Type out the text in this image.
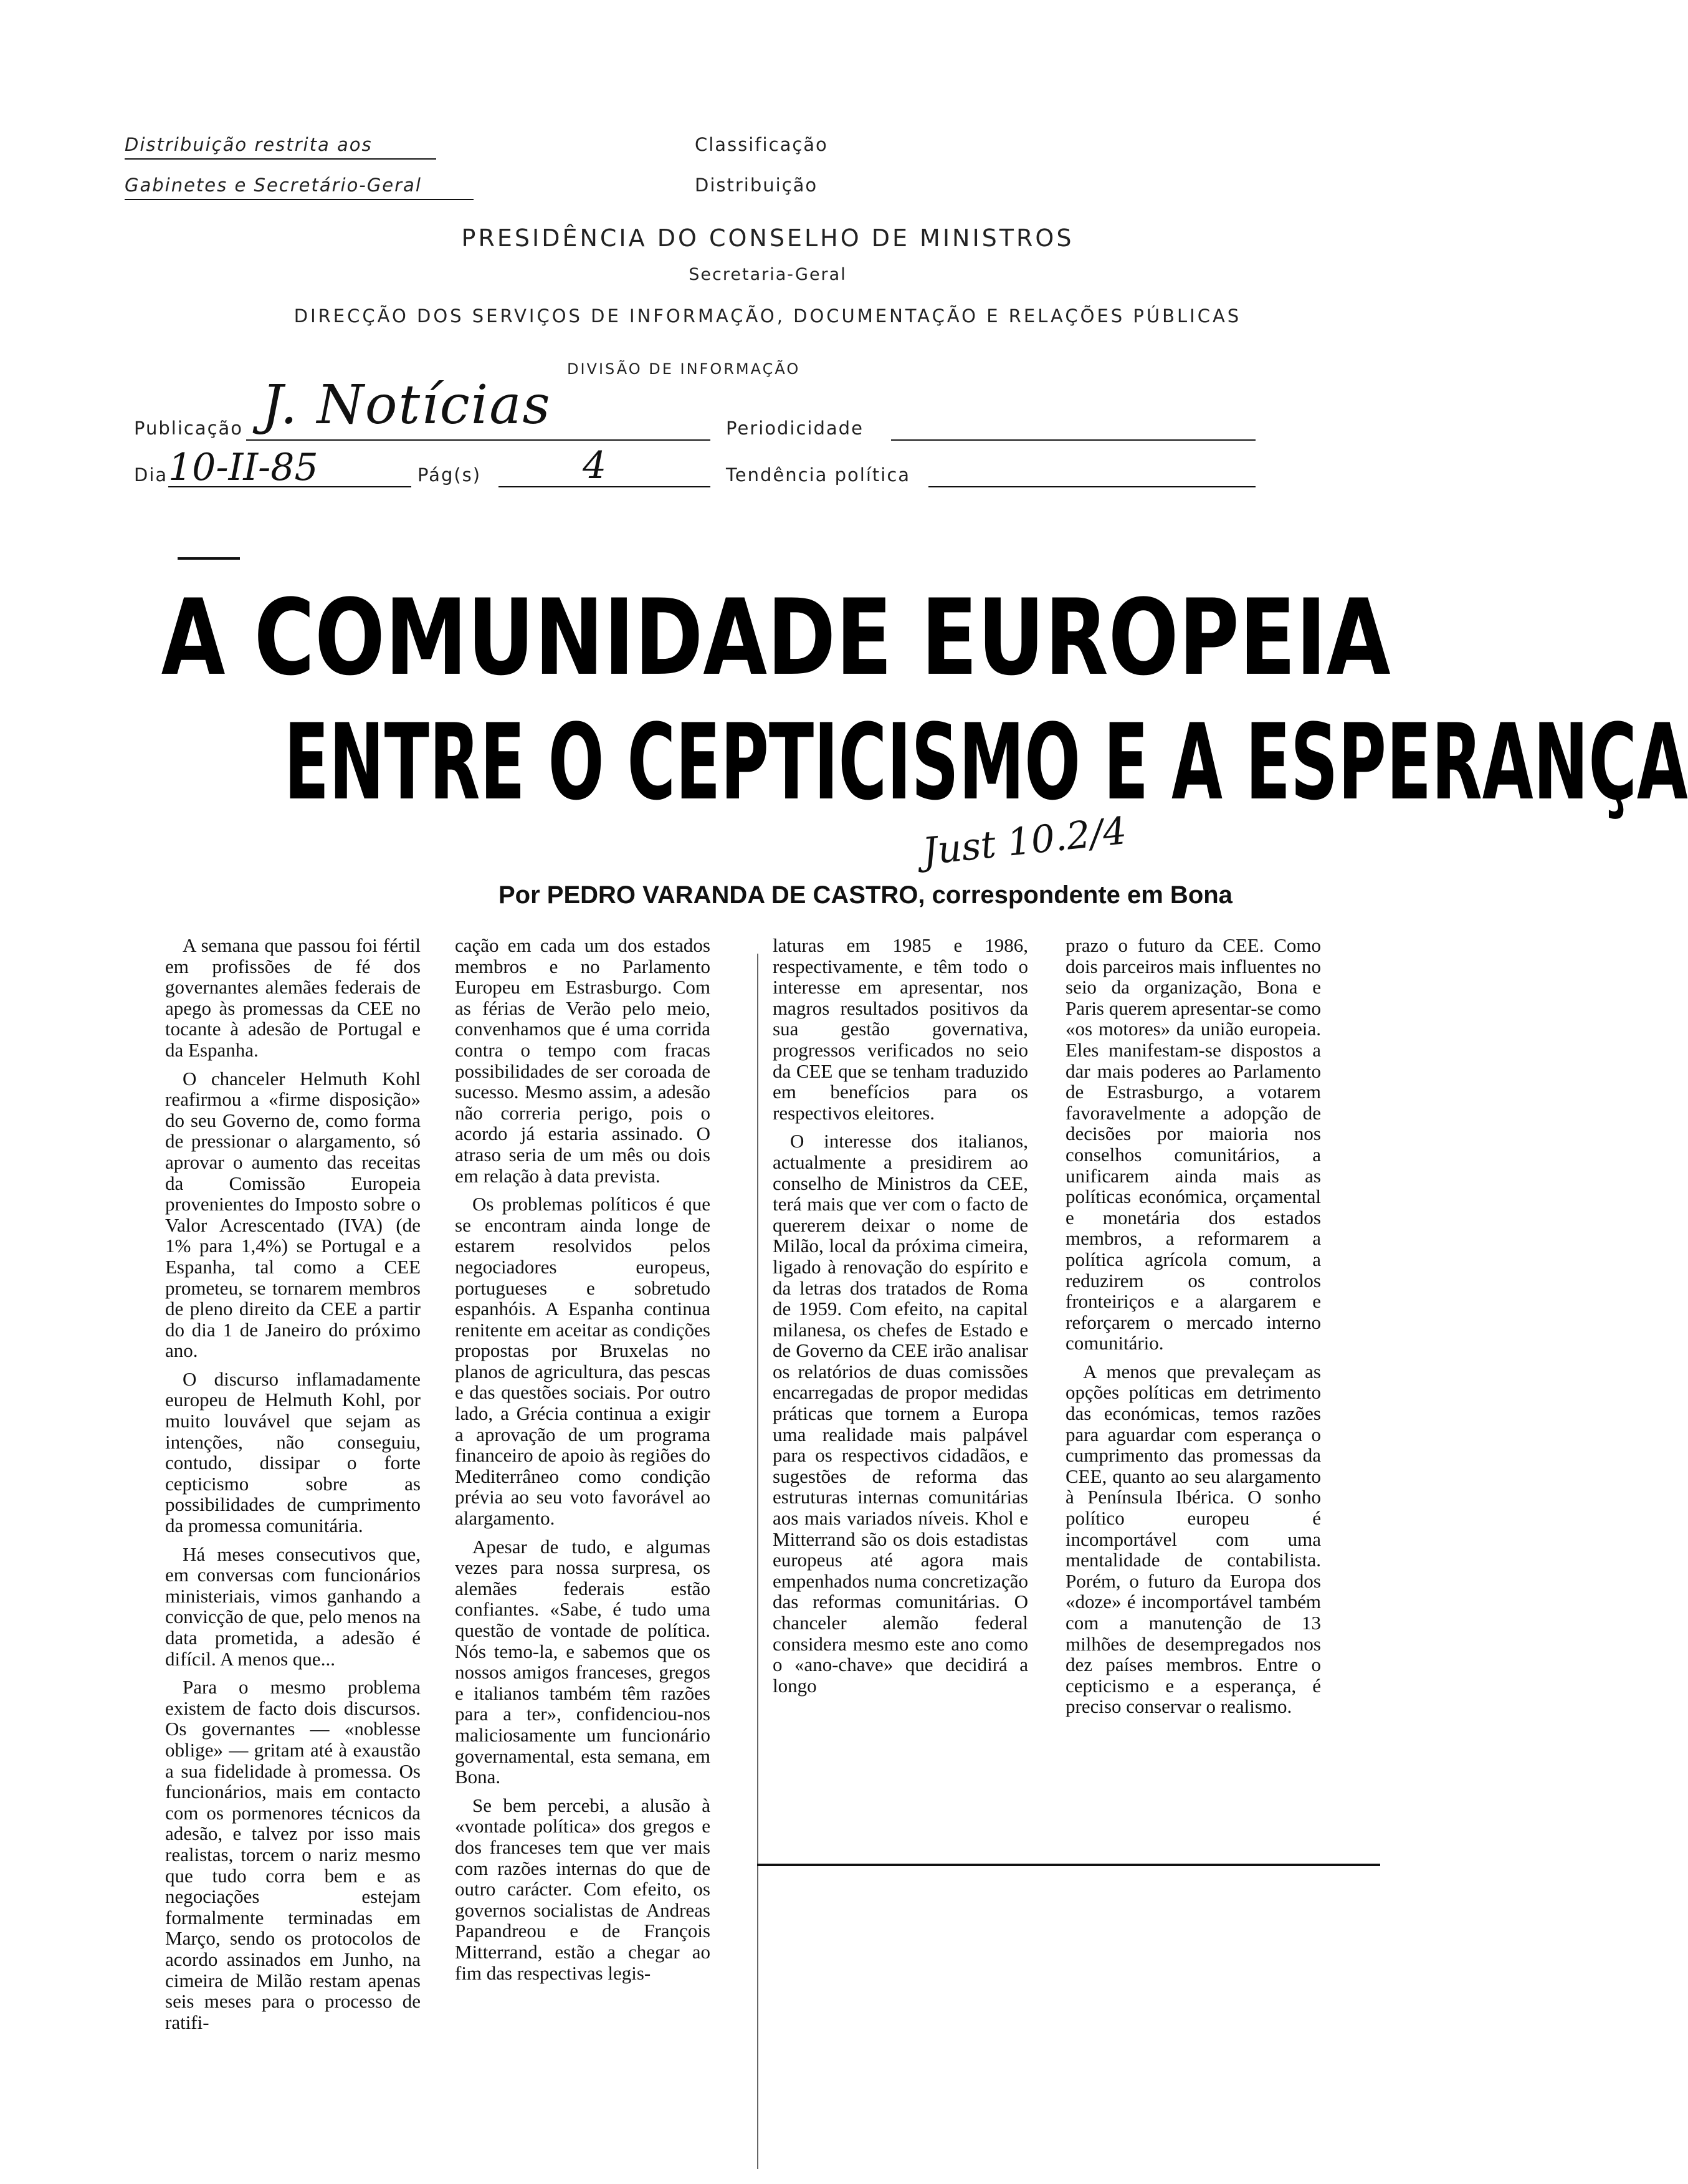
Distribuição restrita aos
Gabinetes e Secretário-Geral
Classificação
Distribuição
PRESIDÊNCIA DO CONSELHO DE MINISTROS
Secretaria-Geral
DIRECÇÃO DOS SERVIÇOS DE INFORMAÇÃO, DOCUMENTAÇÃO E RELAÇÕES PÚBLICAS
DIVISÃO DE INFORMAÇÃO
Publicação J. Notícias	Periodicidade
Dia 10-II-85	Pág(s)	4	Tendência política
A COMUNIDADE EUROPEIA
ENTRE O CEPTICISMO E A ESPERANÇA
Por PEDRO VARANDA DE CASTRO, correspondente em Bona
Just 10.2/4

A semana que passou foi fértil em profissões de fé dos governantes alemães federais de apego às promessas da CEE no tocante à adesão de Portugal e da Espanha.

O chanceler Helmuth Kohl reafirmou a «firme disposição» do seu Governo de, como forma de pressionar o alargamento, só aprovar o aumento das receitas da Comissão Europeia provenientes do Imposto sobre o Valor Acrescentado (IVA) (de 1% para 1,4%) se Portugal e a Espanha, tal como a CEE prometeu, se tornarem membros de pleno direito da CEE a partir do dia 1 de Janeiro do próximo ano.

O discurso inflamadamente europeu de Helmuth Kohl, por muito louvável que sejam as intenções, não conseguiu, contudo, dissipar o forte cepticismo sobre as possibilidades de cumprimento da promessa comunitária.

Há meses consecutivos que, em conversas com funcionários ministeriais, vimos ganhando a convicção de que, pelo menos na data prometida, a adesão é difícil. A menos que...

Para o mesmo problema existem de facto dois discursos. Os governantes — «noblesse oblige» — gritam até à exaustão a sua fidelidade à promessa. Os funcionários, mais em contacto com os pormenores técnicos da adesão, e talvez por isso mais realistas, torcem o nariz mesmo que tudo corra bem e as negociações estejam formalmente terminadas em Março, sendo os protocolos de acordo assinados em Junho, na cimeira de Milão restam apenas seis meses para o processo de ratifi-

cação em cada um dos estados membros e no Parlamento Europeu em Estrasburgo. Com as férias de Verão pelo meio, convenhamos que é uma corrida contra o tempo com fracas possibilidades de ser coroada de sucesso. Mesmo assim, a adesão não correria perigo, pois o acordo já estaria assinado. O atraso seria de um mês ou dois em relação à data prevista.

Os problemas políticos é que se encontram ainda longe de estarem resolvidos pelos negociadores europeus, portugueses e sobretudo espanhóis. A Espanha continua renitente em aceitar as condições propostas por Bruxelas no planos de agricultura, das pescas e das questões sociais. Por outro lado, a Grécia continua a exigir a aprovação de um programa financeiro de apoio às regiões do Mediterrâneo como condição prévia ao seu voto favorável ao alargamento.

Apesar de tudo, e algumas vezes para nossa surpresa, os alemães federais estão confiantes. «Sabe, é tudo uma questão de vontade de política. Nós temo-la, e sabemos que os nossos amigos franceses, gregos e italianos também têm razões para a ter», confidenciou-nos maliciosamente um funcionário governamental, esta semana, em Bona.

Se bem percebi, a alusão à «vontade política» dos gregos e dos franceses tem que ver mais com razões internas do que de outro carácter. Com efeito, os governos socialistas de Andreas Papandreou e de François Mitterrand, estão a chegar ao fim das respectivas legis-

laturas em 1985 e 1986, respectivamente, e têm todo o interesse em apresentar, nos magros resultados positivos da sua gestão governativa, progressos verificados no seio da CEE que se tenham traduzido em benefícios para os respectivos eleitores.

O interesse dos italianos, actualmente a presidirem ao conselho de Ministros da CEE, terá mais que ver com o facto de quererem deixar o nome de Milão, local da próxima cimeira, ligado à renovação do espírito e da letras dos tratados de Roma de 1959. Com efeito, na capital milanesa, os chefes de Estado e de Governo da CEE irão analisar os relatórios de duas comissões encarregadas de propor medidas práticas que tornem a Europa uma realidade mais palpável para os respectivos cidadãos, e sugestões de reforma das estruturas internas comunitárias aos mais variados níveis. Khol e Mitterrand são os dois estadistas europeus até agora mais empenhados numa concretização das reformas comunitárias. O chanceler alemão federal considera mesmo este ano como o «ano-chave» que decidirá a longo

prazo o futuro da CEE. Como dois parceiros mais influentes no seio da organização, Bona e Paris querem apresentar-se como «os motores» da união europeia. Eles manifestam-se dispostos a dar mais poderes ao Parlamento de Estrasburgo, a votarem favoravelmente a adopção de decisões por maioria nos conselhos comunitários, a unificarem ainda mais as políticas económica, orçamental e monetária dos estados membros, a reformarem a política agrícola comum, a reduzirem os controlos fronteiriços e a alargarem e reforçarem o mercado interno comunitário.

A menos que prevaleçam as opções políticas em detrimento das económicas, temos razões para aguardar com esperança o cumprimento das promessas da CEE, quanto ao seu alargamento à Península Ibérica. O sonho político europeu é incomportável com uma mentalidade de contabilista. Porém, o futuro da Europa dos «doze» é incomportável também com a manutenção de 13 milhões de desempregados nos dez países membros. Entre o cepticismo e a esperança, é preciso conservar o realismo.
